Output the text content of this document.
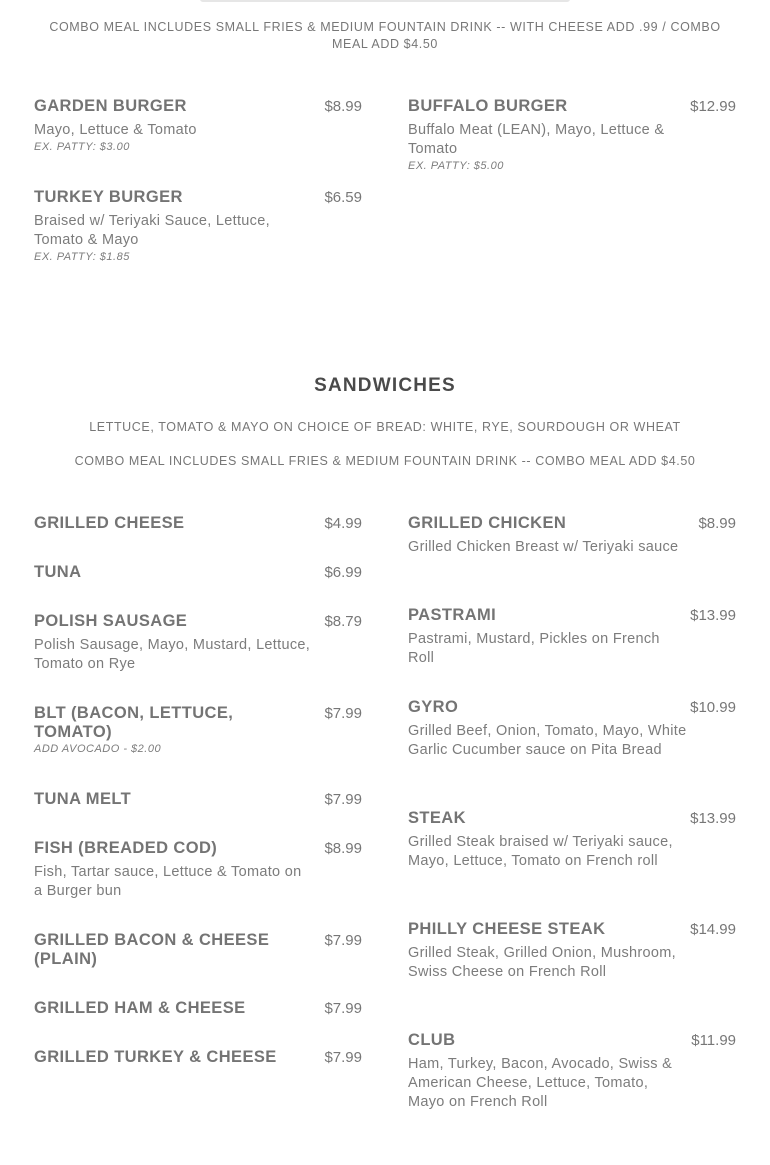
COMBO MEAL INCLUDES SMALL FRIES & MEDIUM FOUNTAIN DRINK -- WITH CHEESE ADD .99 / COMBO MEAL ADD $4.50
GARDEN BURGER	$8.99
Mayo, Lettuce & Tomato
EX. PATTY: $3.00
TURKEY BURGER	$6.59
Braised w/ Teriyaki Sauce, Lettuce, Tomato & Mayo
EX. PATTY: $1.85
BUFFALO BURGER	$12.99
Buffalo Meat (LEAN), Mayo, Lettuce & Tomato
EX. PATTY: $5.00
SANDWICHES
LETTUCE, TOMATO & MAYO ON CHOICE OF BREAD: WHITE, RYE, SOURDOUGH OR WHEAT
COMBO MEAL INCLUDES SMALL FRIES & MEDIUM FOUNTAIN DRINK -- COMBO MEAL ADD $4.50
GRILLED CHEESE	$4.99
TUNA	$6.99
POLISH SAUSAGE	$8.79
Polish Sausage, Mayo, Mustard, Lettuce, Tomato on Rye
BLT (BACON, LETTUCE, TOMATO)
$7.99
ADD AVOCADO - $2.00
TUNA MELT	$7.99
FISH (BREADED COD)	$8.99
Fish, Tartar sauce, Lettuce & Tomato on a Burger bun
GRILLED BACON & CHEESE (PLAIN)
$7.99
GRILLED HAM & CHEESE	$7.99
GRILLED TURKEY & CHEESE	$7.99
GRILLED CHICKEN	$8.99
Grilled Chicken Breast w/ Teriyaki sauce
PASTRAMI	$13.99
Pastrami, Mustard, Pickles on French Roll
GYRO	$10.99
Grilled Beef, Onion, Tomato, Mayo, White Garlic Cucumber sauce on Pita Bread
STEAK	$13.99
Grilled Steak braised w/ Teriyaki sauce, Mayo, Lettuce, Tomato on French roll
PHILLY CHEESE STEAK	$14.99
Grilled Steak, Grilled Onion, Mushroom, Swiss Cheese on French Roll
CLUB	$11.99
Ham, Turkey, Bacon, Avocado, Swiss & American Cheese, Lettuce, Tomato, Mayo on French Roll
